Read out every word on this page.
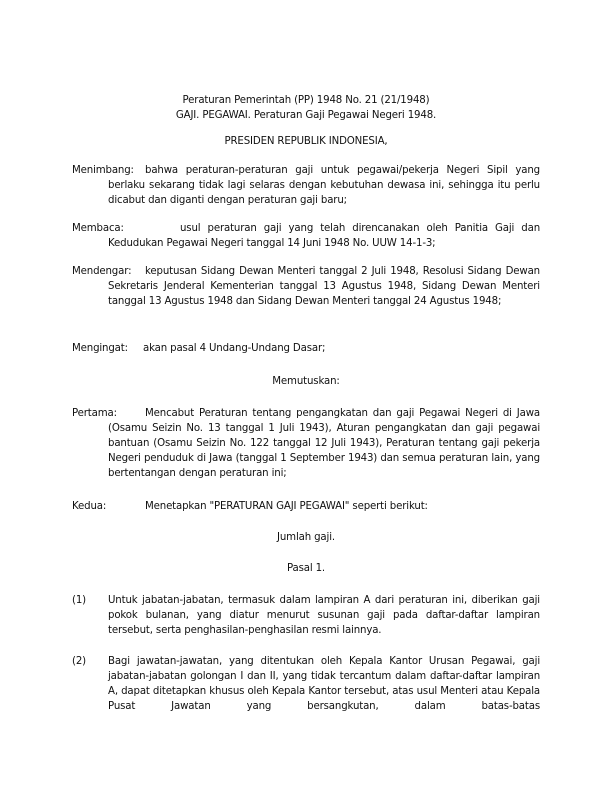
Peraturan Pemerintah (PP) 1948 No. 21 (21/1948)
GAJI. PEGAWAI. Peraturan Gaji Pegawai Negeri 1948.
PRESIDEN REPUBLIK INDONESIA,
Menimbang: bahwa peraturan-peraturan gaji untuk pegawai/pekerja Negeri Sipil yang berlaku sekarang tidak lagi selaras dengan kebutuhan dewasa ini, sehingga itu perlu dicabut dan diganti dengan peraturan gaji baru;
Membaca:	usul peraturan gaji yang telah direncanakan oleh Panitia Gaji dan Kedudukan Pegawai Negeri tanggal 14 Juni 1948 No. UUW 14-1-3;
Mendengar: keputusan Sidang Dewan Menteri tanggal 2 Juli 1948, Resolusi Sidang Dewan Sekretaris Jenderal Kementerian tanggal 13 Agustus 1948, Sidang Dewan Menteri tanggal 13 Agustus 1948 dan Sidang Dewan Menteri tanggal 24 Agustus 1948;
Mengingat: akan pasal 4 Undang-Undang Dasar;
Memutuskan:
Pertama:	Mencabut Peraturan tentang pengangkatan dan gaji Pegawai Negeri di Jawa (Osamu Seizin No. 13 tanggal 1 Juli 1943), Aturan pengangkatan dan gaji pegawai bantuan (Osamu Seizin No. 122 tanggal 12 Juli 1943), Peraturan tentang gaji pekerja Negeri penduduk di Jawa (tanggal 1 September 1943) dan semua peraturan lain, yang bertentangan dengan peraturan ini;
Kedua:	Menetapkan "PERATURAN GAJI PEGAWAI" seperti berikut:
Jumlah gaji.
Pasal 1.
(1) Untuk jabatan-jabatan, termasuk dalam lampiran A dari peraturan ini, diberikan gaji pokok bulanan, yang diatur menurut susunan gaji pada daftar-daftar lampiran tersebut, serta penghasilan-penghasilan resmi lainnya.
(2) Bagi jawatan-jawatan, yang ditentukan oleh Kepala Kantor Urusan Pegawai, gaji jabatan-jabatan golongan I dan II, yang tidak tercantum dalam daftar-daftar lampiran A, dapat ditetapkan khusus oleh Kepala Kantor tersebut, atas usul Menteri atau Kepala Pusat Jawatan yang bersangkutan, dalam batas-batas
